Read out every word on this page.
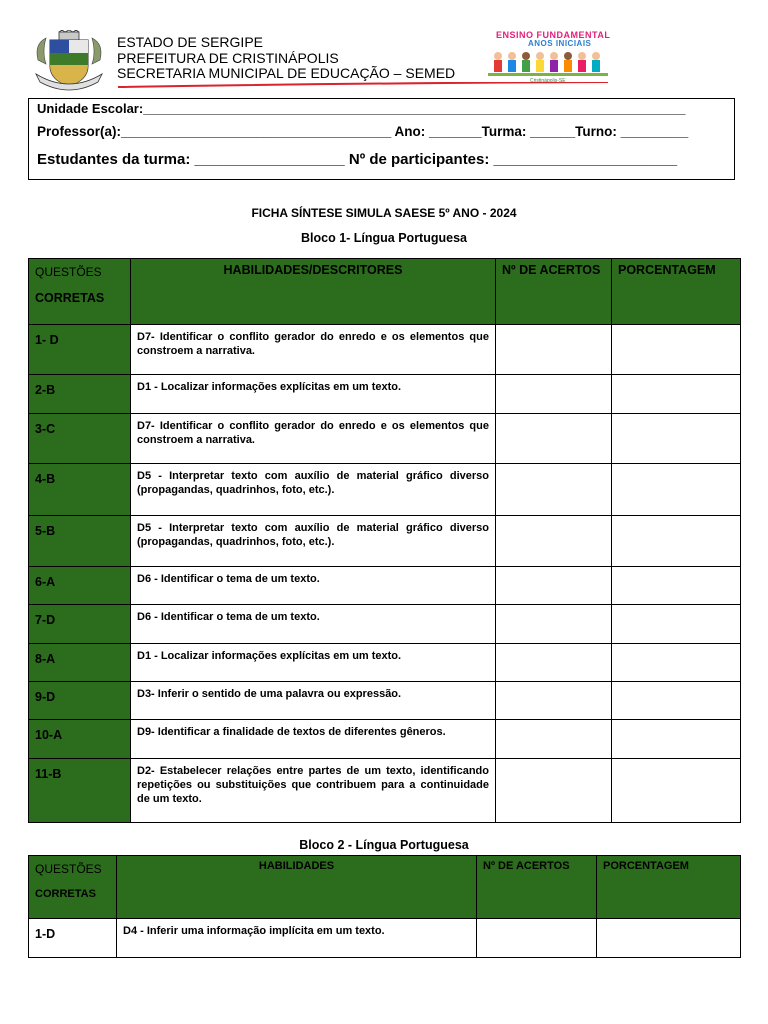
ESTADO DE SERGIPE
PREFEITURA DE CRISTINÁPOLIS
SECRETARIA MUNICIPAL DE EDUCAÇÃO – SEMED
ENSINO FUNDAMENTAL
ANOS INICIAIS
Cristinápolis-SE
Unidade Escolar:___________________________________________________________________________
Professor(a):____________________________________ Ano: _______Turma: ______Turno: _________
Estudantes da turma: __________________ Nº de participantes: ______________________
FICHA SÍNTESE SIMULA SAESE 5º ANO - 2024
Bloco 1- Língua Portuguesa
QUESTÕES
CORRETAS	HABILIDADES/DESCRITORES	Nº DE ACERTOS	PORCENTAGEM
1- D	D7- Identificar o conflito gerador do enredo e os elementos que constroem a narrativa.		
2-B	D1 - Localizar informações explícitas em um texto.		
3-C	D7- Identificar o conflito gerador do enredo e os elementos que constroem a narrativa.		
4-B	D5 - Interpretar texto com auxílio de material gráfico diverso (propagandas, quadrinhos, foto, etc.).		
5-B	D5 - Interpretar texto com auxílio de material gráfico diverso (propagandas, quadrinhos, foto, etc.).		
6-A	D6 - Identificar o tema de um texto.		
7-D	D6 - Identificar o tema de um texto.		
8-A	D1 - Localizar informações explícitas em um texto.		
9-D	D3- Inferir o sentido de uma palavra ou expressão.		
10-A	D9- Identificar a finalidade de textos de diferentes gêneros.		
11-B	D2- Estabelecer relações entre partes de um texto, identificando repetições ou substituições que contribuem para a continuidade de um texto.		
Bloco 2 - Língua Portuguesa
QUESTÕES
CORRETAS	HABILIDADES	Nº DE ACERTOS	PORCENTAGEM
1-D	D4 - Inferir uma informação implícita em um texto.		
